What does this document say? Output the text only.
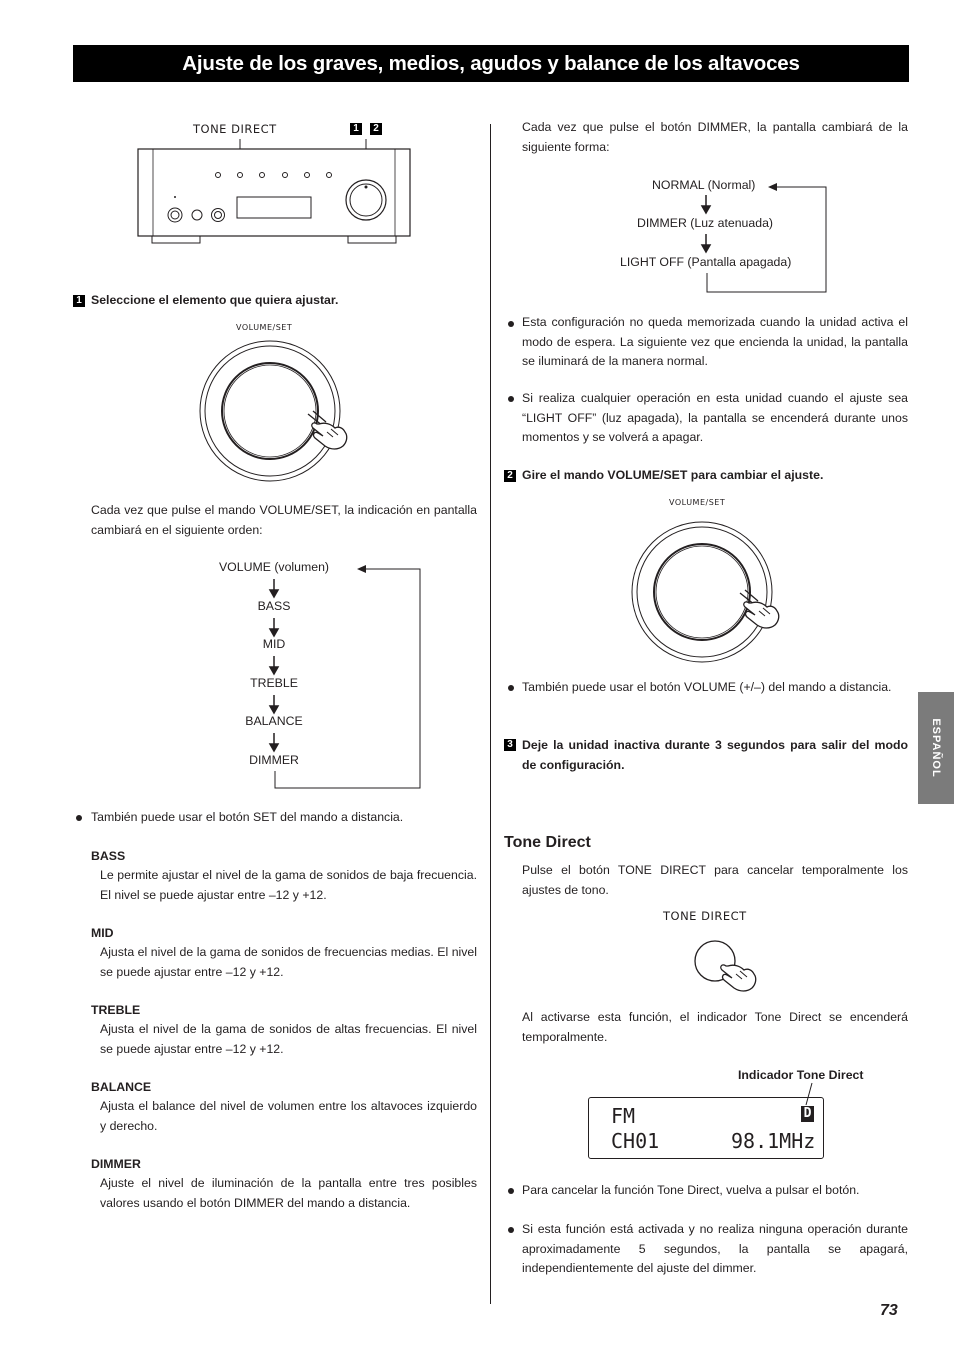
Ajuste de los graves, medios, agudos y balance de los altavoces
ESPAÑOL
TONE DIRECT	1	2
1 Seleccione el elemento que quiera ajustar.
VOLUME/SET
Cada vez que pulse el mando VOLUME/SET, la indicación en pantalla cambiará en el siguiente orden:
VOLUME (volumen)
BASS
MID
TREBLE
BALANCE
DIMMER
También puede usar el botón SET del mando a distancia.
BASS
Le permite ajustar el nivel de la gama de sonidos de baja frecuencia. El nivel se puede ajustar entre –12 y +12.
MID
Ajusta el nivel de la gama de sonidos de frecuencias medias. El nivel se puede ajustar entre –12 y +12.
TREBLE
Ajusta el nivel de la gama de sonidos de altas frecuencias. El nivel se puede ajustar entre –12 y +12.
BALANCE
Ajusta el balance del nivel de volumen entre los altavoces izquierdo y derecho.
DIMMER
Ajuste el nivel de iluminación de la pantalla entre tres posibles valores usando el botón DIMMER del mando a distancia.
Cada vez que pulse el botón DIMMER, la pantalla cambiará de la siguiente forma:
NORMAL (Normal)
DIMMER (Luz atenuada)
LIGHT OFF (Pantalla apagada)
Esta configuración no queda memorizada cuando la unidad activa el modo de espera. La siguiente vez que encienda la unidad, la pantalla se iluminará de la manera normal.
Si realiza cualquier operación en esta unidad cuando el ajuste sea “LIGHT OFF” (luz apagada), la pantalla se encenderá durante unos momentos y se volverá a apagar.
2 Gire el mando VOLUME/SET para cambiar el ajuste.
VOLUME/SET
También puede usar el botón VOLUME (+/–) del mando a distancia.
3 Deje la unidad inactiva durante 3 segundos para salir del modo de configuración.
Tone Direct
Pulse el botón TONE DIRECT para cancelar temporalmente los ajustes de tono.
TONE DIRECT
Al activarse esta función, el indicador Tone Direct se encenderá temporalmente.
Indicador Tone Direct
FM	D
CH01	98.1MHz
Para cancelar la función Tone Direct, vuelva a pulsar el botón.
Si esta función está activada y no realiza ninguna operación durante aproximadamente 5 segundos, la pantalla se apagará, independientemente del ajuste del dimmer.
73
